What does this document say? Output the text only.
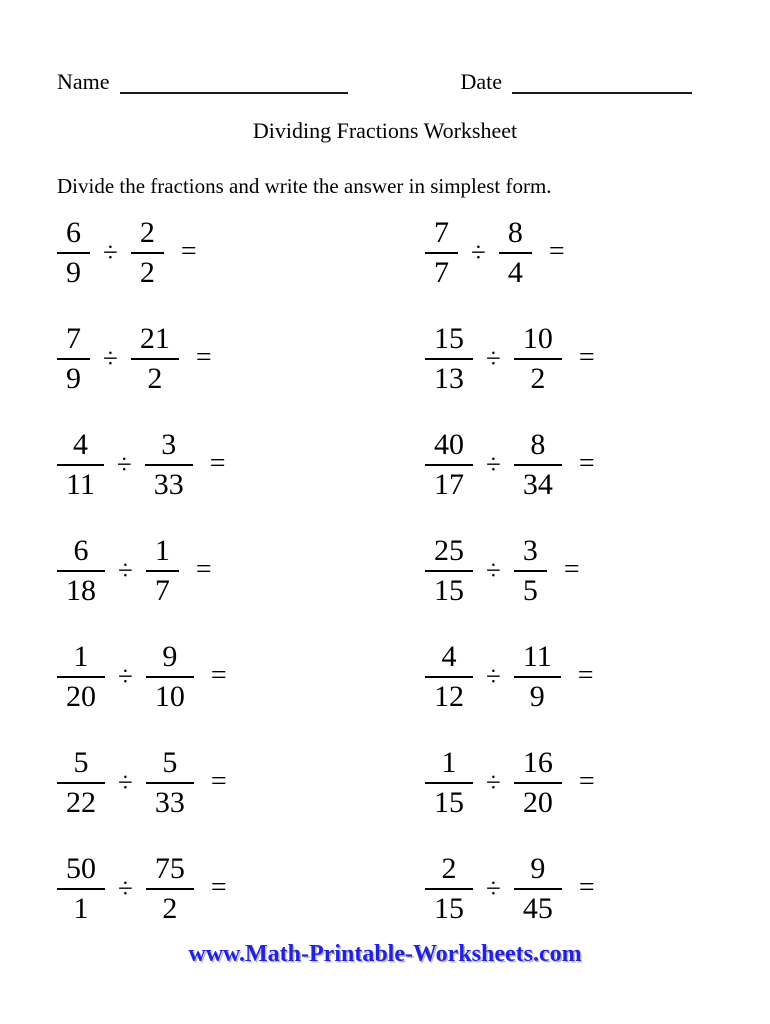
Name	Date
Dividing Fractions Worksheet
Divide the fractions and write the answer in simplest form.
$\frac{6}{9} \div \frac{2}{2}$ =	$\frac{7}{7} \div \frac{8}{4}$ =
$\frac{7}{9} \div \frac{21}{2}$ =	$\frac{15}{13} \div \frac{10}{2}$ =
$\frac{4}{11} \div \frac{3}{33}$ =	$\frac{40}{17} \div \frac{8}{34}$ =
$\frac{6}{18} \div \frac{1}{7}$ =	$\frac{25}{15} \div \frac{3}{5}$ =
$\frac{1}{20} \div \frac{9}{10}$ =	$\frac{4}{12} \div \frac{11}{9}$ =
$\frac{5}{22} \div \frac{5}{33}$ =	$\frac{1}{15} \div \frac{16}{20}$ =
$\frac{50}{1} \div \frac{75}{2}$ =	$\frac{2}{15} \div \frac{9}{45}$ =
www.Math-Printable-Worksheets.com
